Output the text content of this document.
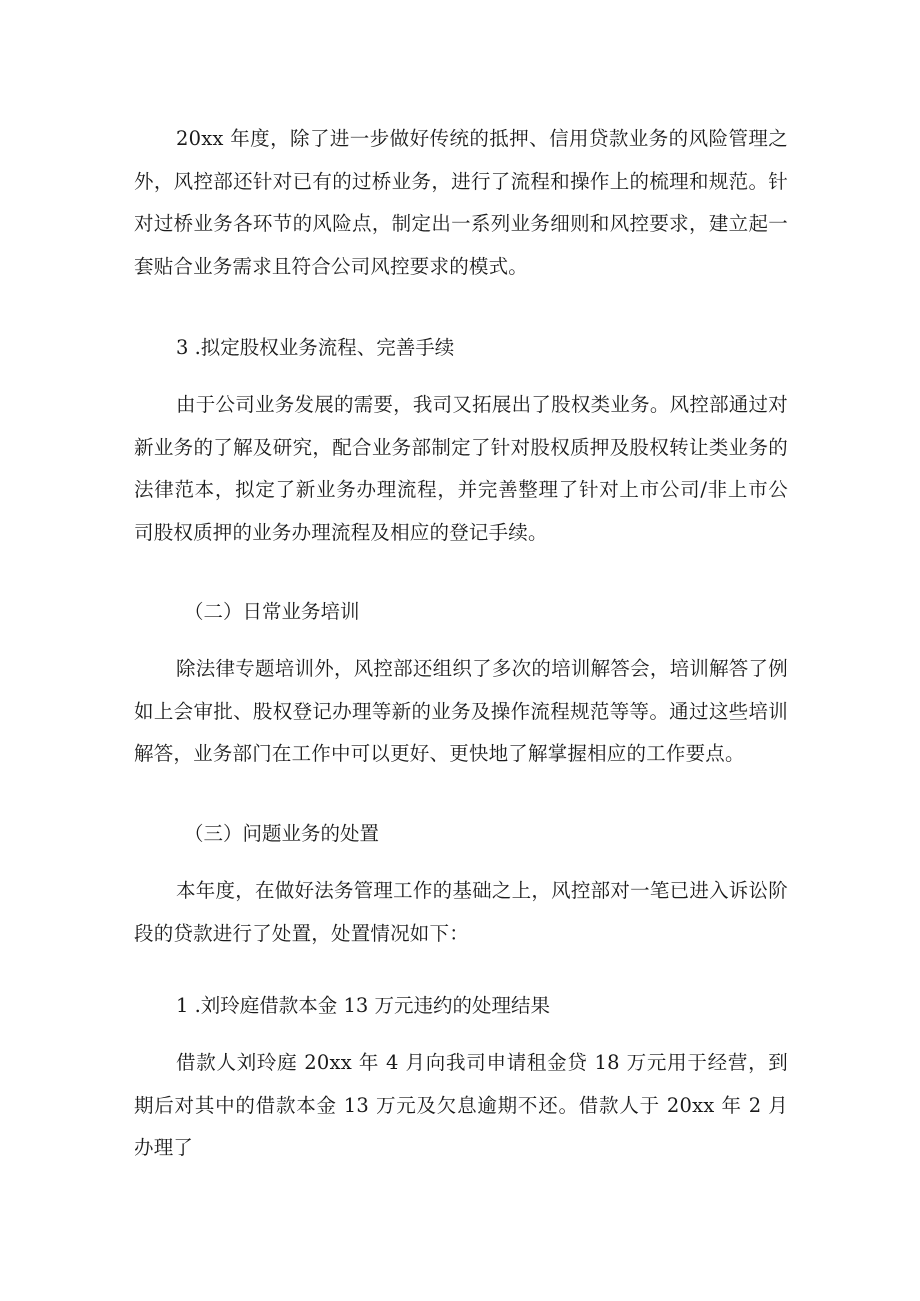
20xx 年度，除了进一步做好传统的抵押、信用贷款业务的风险管理之外，风控部还针对已有的过桥业务，进行了流程和操作上的梳理和规范。针对过桥业务各环节的风险点，制定出一系列业务细则和风控要求，建立起一套贴合业务需求且符合公司风控要求的模式。

3 .拟定股权业务流程、完善手续

由于公司业务发展的需要，我司又拓展出了股权类业务。风控部通过对新业务的了解及研究，配合业务部制定了针对股权质押及股权转让类业务的法律范本，拟定了新业务办理流程，并完善整理了针对上市公司/非上市公司股权质押的业务办理流程及相应的登记手续。

（二）日常业务培训

除法律专题培训外，风控部还组织了多次的培训解答会，培训解答了例如上会审批、股权登记办理等新的业务及操作流程规范等等。通过这些培训解答，业务部门在工作中可以更好、更快地了解掌握相应的工作要点。

（三）问题业务的处置

本年度，在做好法务管理工作的基础之上，风控部对一笔已进入诉讼阶段的贷款进行了处置，处置情况如下：

1 .刘玲庭借款本金 13 万元违约的处理结果

借款人刘玲庭 20xx 年 4 月向我司申请租金贷 18 万元用于经营，到期后对其中的借款本金 13 万元及欠息逾期不还。借款人于 20xx 年 2 月办理了
